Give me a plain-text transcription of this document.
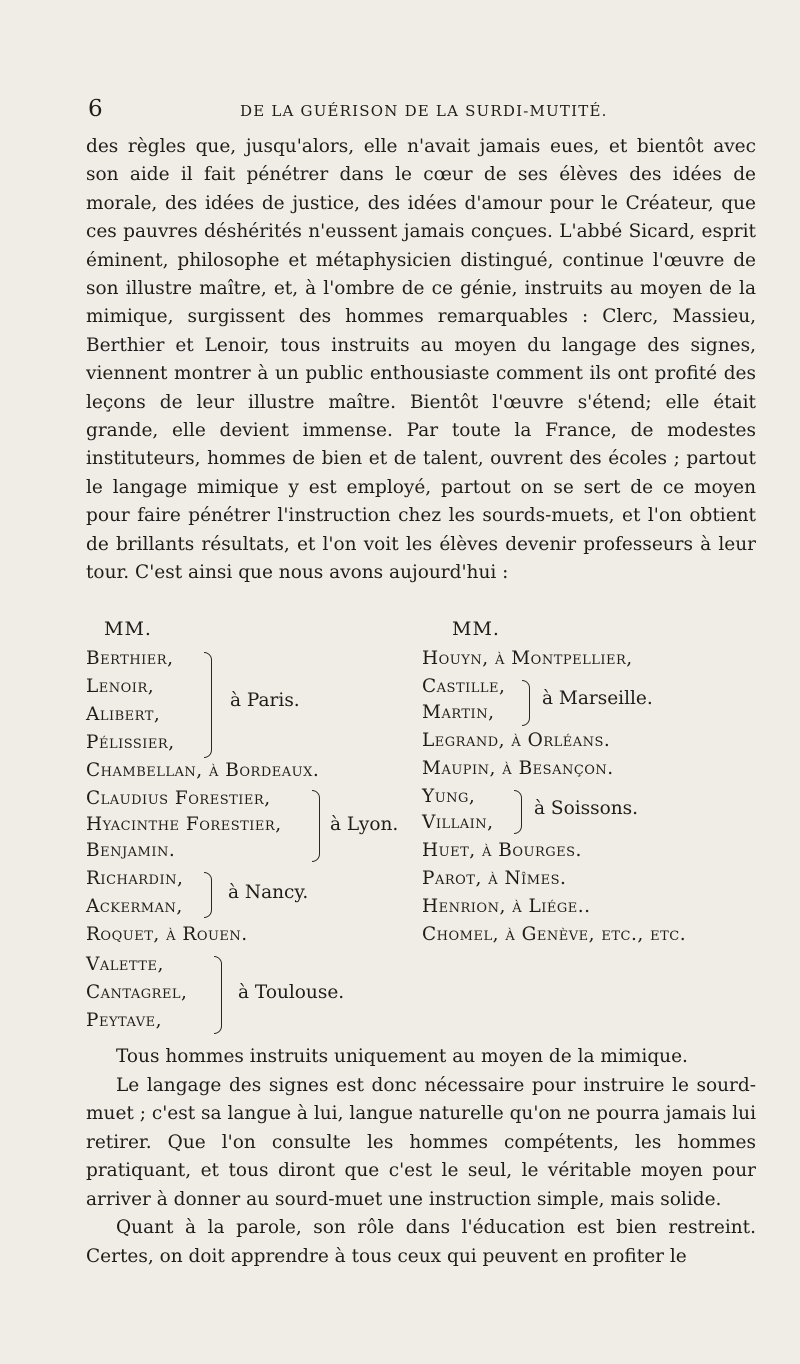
6	DE LA GUÉRISON DE LA SURDI-MUTITÉ.

des règles que, jusqu'alors, elle n'avait jamais eues, et bientôt avec son aide il fait pénétrer dans le cœur de ses élèves des idées de morale, des idées de justice, des idées d'amour pour le Créateur, que ces pauvres déshérités n'eussent jamais conçues. L'abbé Sicard, esprit éminent, philosophe et métaphysicien distingué, continue l'œuvre de son illustre maître, et, à l'ombre de ce génie, instruits au moyen de la mimique, surgissent des hommes remarquables : Clerc, Massieu, Berthier et Lenoir, tous instruits au moyen du langage des signes, viennent montrer à un public enthousiaste comment ils ont profité des leçons de leur illustre maître. Bientôt l'œuvre s'étend; elle était grande, elle devient immense. Par toute la France, de modestes instituteurs, hommes de bien et de talent, ouvrent des écoles ; partout le langage mimique y est employé, partout on se sert de ce moyen pour faire pénétrer l'instruction chez les sourds-muets, et l'on obtient de brillants résultats, et l'on voit les élèves devenir professeurs à leur tour. C'est ainsi que nous avons aujourd'hui :

MM.
Berthier,
Lenoir,
Alibert,
Pélissier,
à Paris.
Chambellan, à Bordeaux.
Claudius Forestier,
Hyacinthe Forestier,
Benjamin.
à Lyon.
Richardin,
Ackerman,
à Nancy.
Roquet, à Rouen.
Valette,
Cantagrel,
Peytave,
à Toulouse.
MM.
Houyn, à Montpellier,
Castille,
Martin,
à Marseille.
Legrand, à Orléans.
Maupin, à Besançon.
Yung,
Villain,
à Soissons.
Huet, à Bourges.
Parot, à Nîmes.
Henrion, à Liége..
Chomel, à Genève, etc., etc.

Tous hommes instruits uniquement au moyen de la mimique.

Le langage des signes est donc nécessaire pour instruire le sourd-muet ; c'est sa langue à lui, langue naturelle qu'on ne pourra jamais lui retirer. Que l'on consulte les hommes compétents, les hommes pratiquant, et tous diront que c'est le seul, le véritable moyen pour arriver à donner au sourd-muet une instruction simple, mais solide.

Quant à la parole, son rôle dans l'éducation est bien restreint. Certes, on doit apprendre à tous ceux qui peuvent en profiter le
